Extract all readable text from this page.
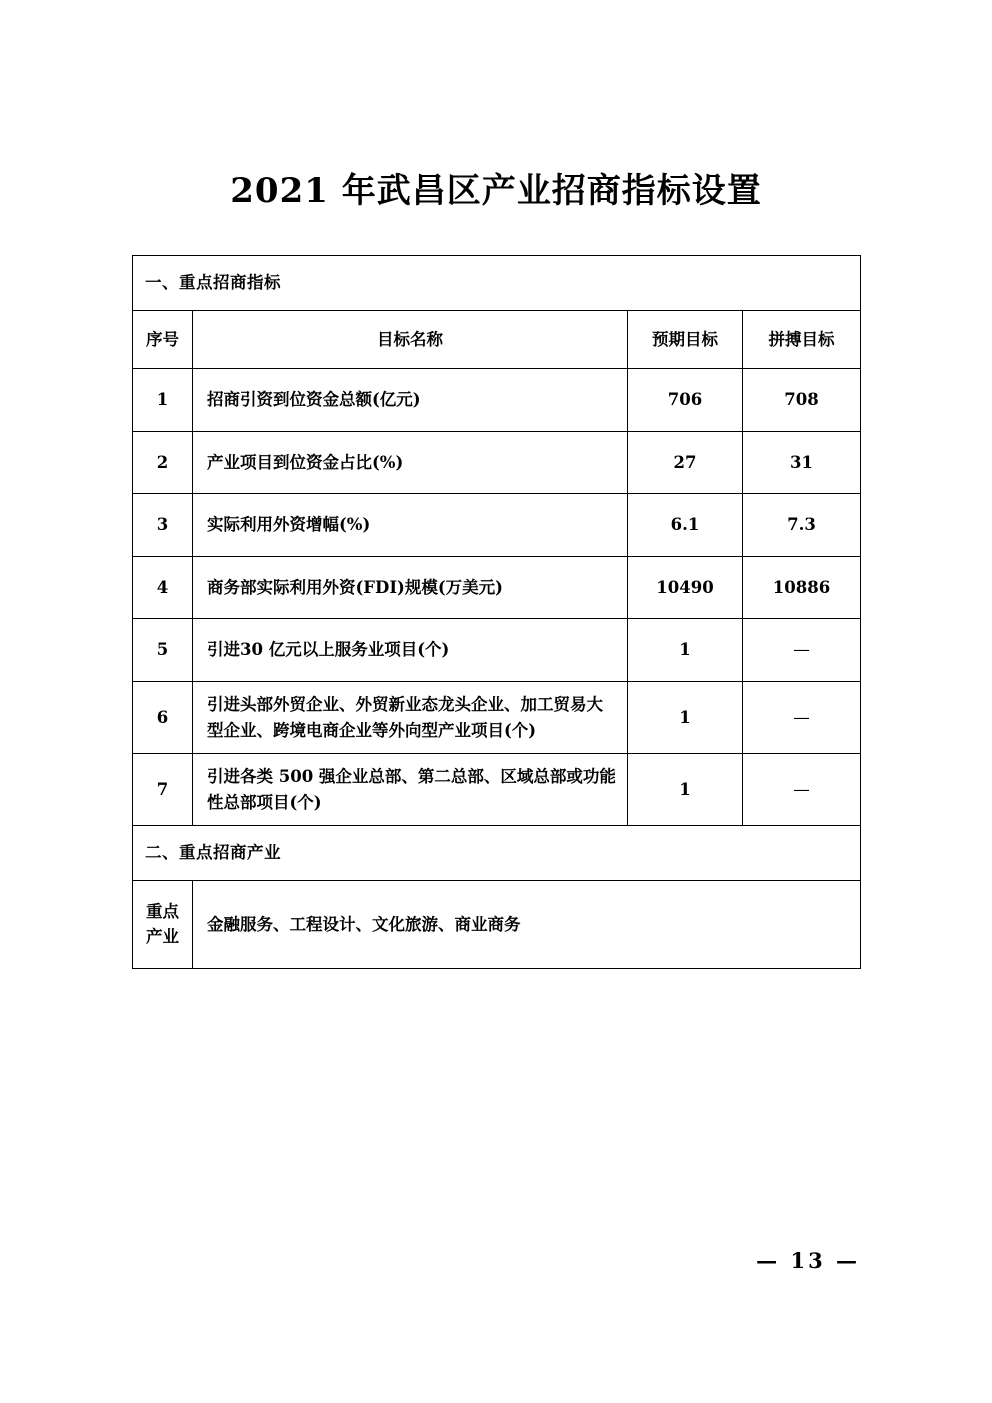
2021 年武昌区产业招商指标设置
一、重点招商指标			
序号	目标名称	预期目标	拼搏目标
1	招商引资到位资金总额(亿元)	706	708
2	产业项目到位资金占比(%)	27	31
3	实际利用外资增幅(%)	6.1	7.3
4	商务部实际利用外资(FDI)规模(万美元)	10490	10886
5	引进30 亿元以上服务业项目(个)	1	—
6	引进头部外贸企业、外贸新业态龙头企业、加工贸易大型企业、跨境电商企业等外向型产业项目(个)	1	—
7	引进各类 500 强企业总部、第二总部、区域总部或功能性总部项目(个)	1	—
二、重点招商产业			
重点产业	金融服务、工程设计、文化旅游、商业商务		
— 13 —
